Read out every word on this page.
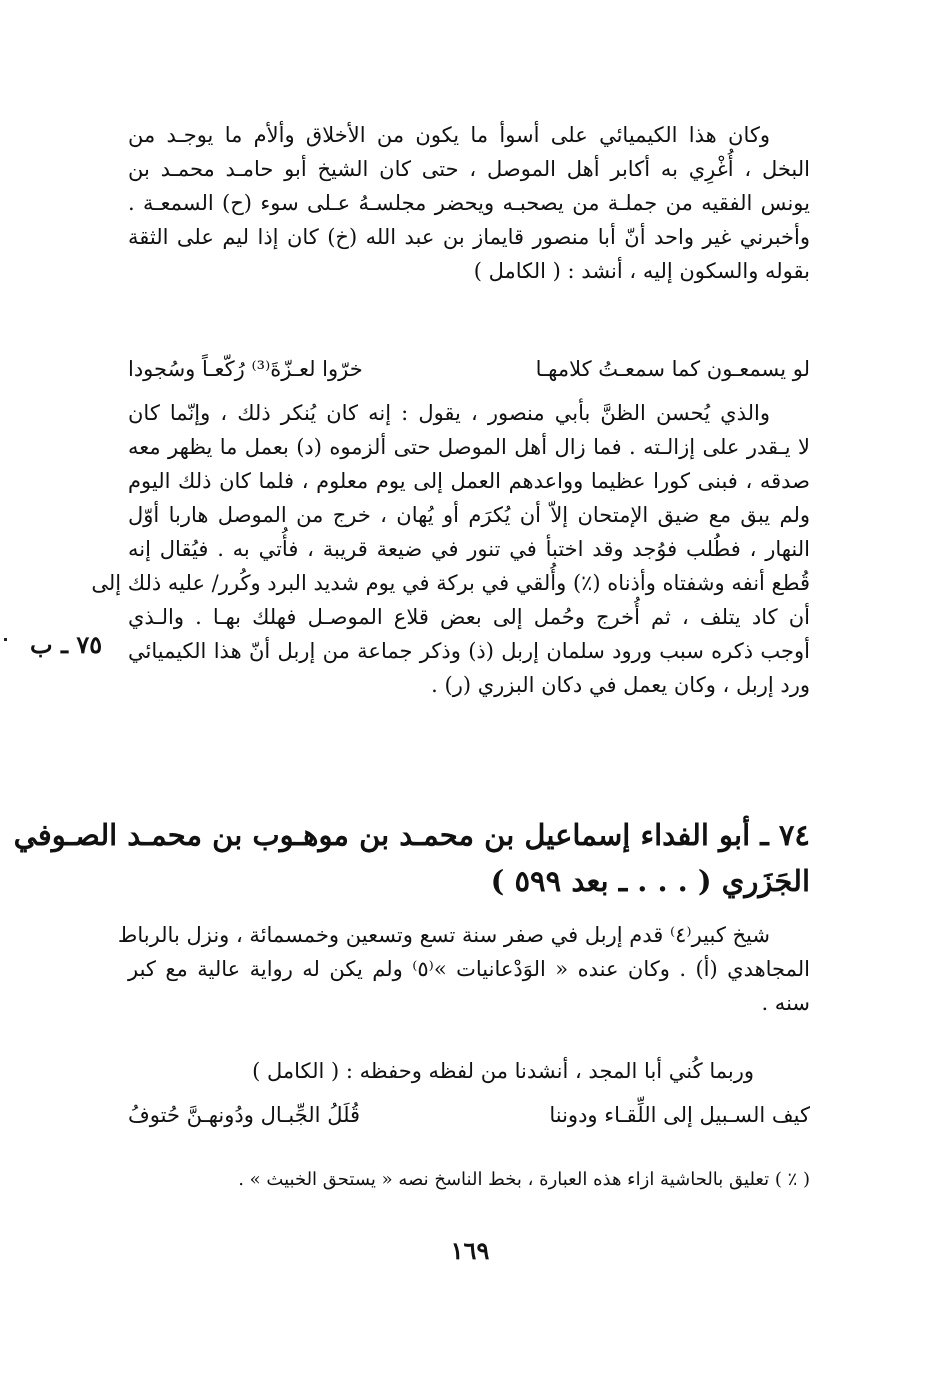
وكان هذا الكيميائي على أسوأ ما يكون من الأخلاق وألأم ما يوجـد من
البخل ، أُغْرِي به أكابر أهل الموصل ، حتى كان الشيخ أبو حامـد محمـد بن
يونس الفقيه من جملـة من يصحبـه ويحضر مجلسـهُ عـلى سوء (ح) السمعـة .
وأخبرني غير واحد أنّ أبا منصور قايماز بن عبد الله (خ) كان إذا ليم على الثقة
بقوله والسكون إليه ، أنشد : ( الكامل )
لو يسمعـون كما سمعـتُ كلامهـا
خرّوا لعـزّةَ⁽³⁾ رُكّعـاً وسُجودا
والذي يُحسن الظنَّ بأبي منصور ، يقول : إنه كان يُنكر ذلك ، وإنّما كان
لا يـقدر على إزالـته . فما زال أهل الموصل حتى ألزموه (د) بعمل ما يظهر معه
صدقه ، فبنى كورا عظيما وواعدهم العمل إلى يوم معلوم ، فلما كان ذلك اليوم
ولم يبق مع ضيق الإمتحان إلاّ أن يُكرَم أو يُهان ، خرج من الموصل هاربا أوّل
النهار ، فطُلب فوُجد وقد اختبأ في تنور في ضيعة قريبة ، فأُتي به . فيُقال إنه
قُطع أنفه وشفتاه وأذناه (٪) وأُلقي في بركة في يوم شديد البرد وكُرر/ عليه ذلك إلى
أن كاد يتلف ، ثم أُخرج وحُمل إلى بعض قلاع الموصـل فهلك بهـا . والـذي
أوجب ذكره سبب ورود سلمان إربل (ذ) وذكر جماعة من إربل أنّ هذا الكيميائي
ورد إربل ، وكان يعمل في دكان البزري (ر) .
٧٥ ـ ب
٧٤ ـ أبو الفداء إسماعيل بن محمـد بن موهـوب بن محمـد الصـوفي
الجَزَري ( . . . ـ بعد ٥٩٩ )
شيخ كبير⁽٤⁾ قدم إربل في صفر سنة تسع وتسعين وخمسمائة ، ونزل بالرباط
المجاهدي (أ) . وكان عنده « الوَدْعانيات »⁽٥⁾ ولم يكن له رواية عالية مع كبر
سنه .
وربما كُني أبا المجد ، أنشدنا من لفظه وحفظه : ( الكامل )
كيف السـبيل إلى اللِّقـاء ودوننا
قُلَلُ الجِّبـال ودُونهـنَّ حُتوفُ
( ٪ ) تعليق بالحاشية ازاء هذه العبارة ، بخط الناسخ نصه « يستحق الخبيث » .
١٦٩
